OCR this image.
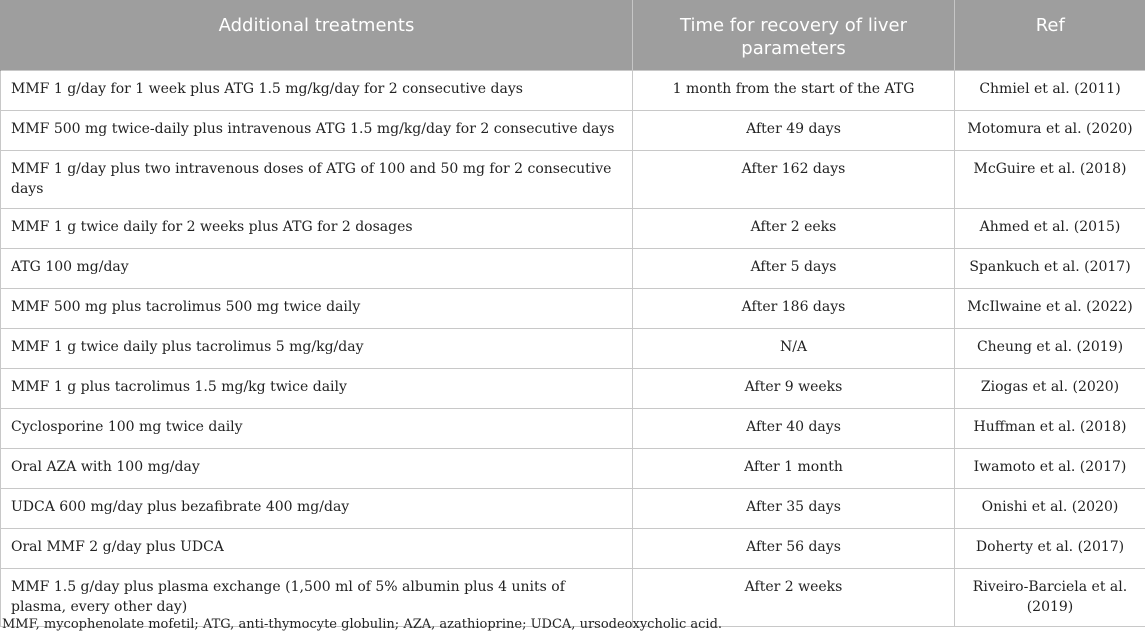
Additional treatments	Time for recovery of liver parameters	Ref
MMF 1 g/day for 1 week plus ATG 1.5 mg/kg/day for 2 consecutive days	1 month from the start of the ATG	Chmiel et al. (2011)
MMF 500 mg twice-daily plus intravenous ATG 1.5 mg/kg/day for 2 consecutive days	After 49 days	Motomura et al. (2020)
MMF 1 g/day plus two intravenous doses of ATG of 100 and 50 mg for 2 consecutive days	After 162 days	McGuire et al. (2018)
MMF 1 g twice daily for 2 weeks plus ATG for 2 dosages	After 2 eeks	Ahmed et al. (2015)
ATG 100 mg/day	After 5 days	Spankuch et al. (2017)
MMF 500 mg plus tacrolimus 500 mg twice daily	After 186 days	McIlwaine et al. (2022)
MMF 1 g twice daily plus tacrolimus 5 mg/kg/day	N/A	Cheung et al. (2019)
MMF 1 g plus tacrolimus 1.5 mg/kg twice daily	After 9 weeks	Ziogas et al. (2020)
Cyclosporine 100 mg twice daily	After 40 days	Huffman et al. (2018)
Oral AZA with 100 mg/day	After 1 month	Iwamoto et al. (2017)
UDCA 600 mg/day plus bezafibrate 400 mg/day	After 35 days	Onishi et al. (2020)
Oral MMF 2 g/day plus UDCA	After 56 days	Doherty et al. (2017)
MMF 1.5 g/day plus plasma exchange (1,500 ml of 5% albumin plus 4 units of plasma, every other day)	After 2 weeks	Riveiro-Barciela et al. (2019)
MMF, mycophenolate mofetil; ATG, anti-thymocyte globulin; AZA, azathioprine; UDCA, ursodeoxycholic acid.
